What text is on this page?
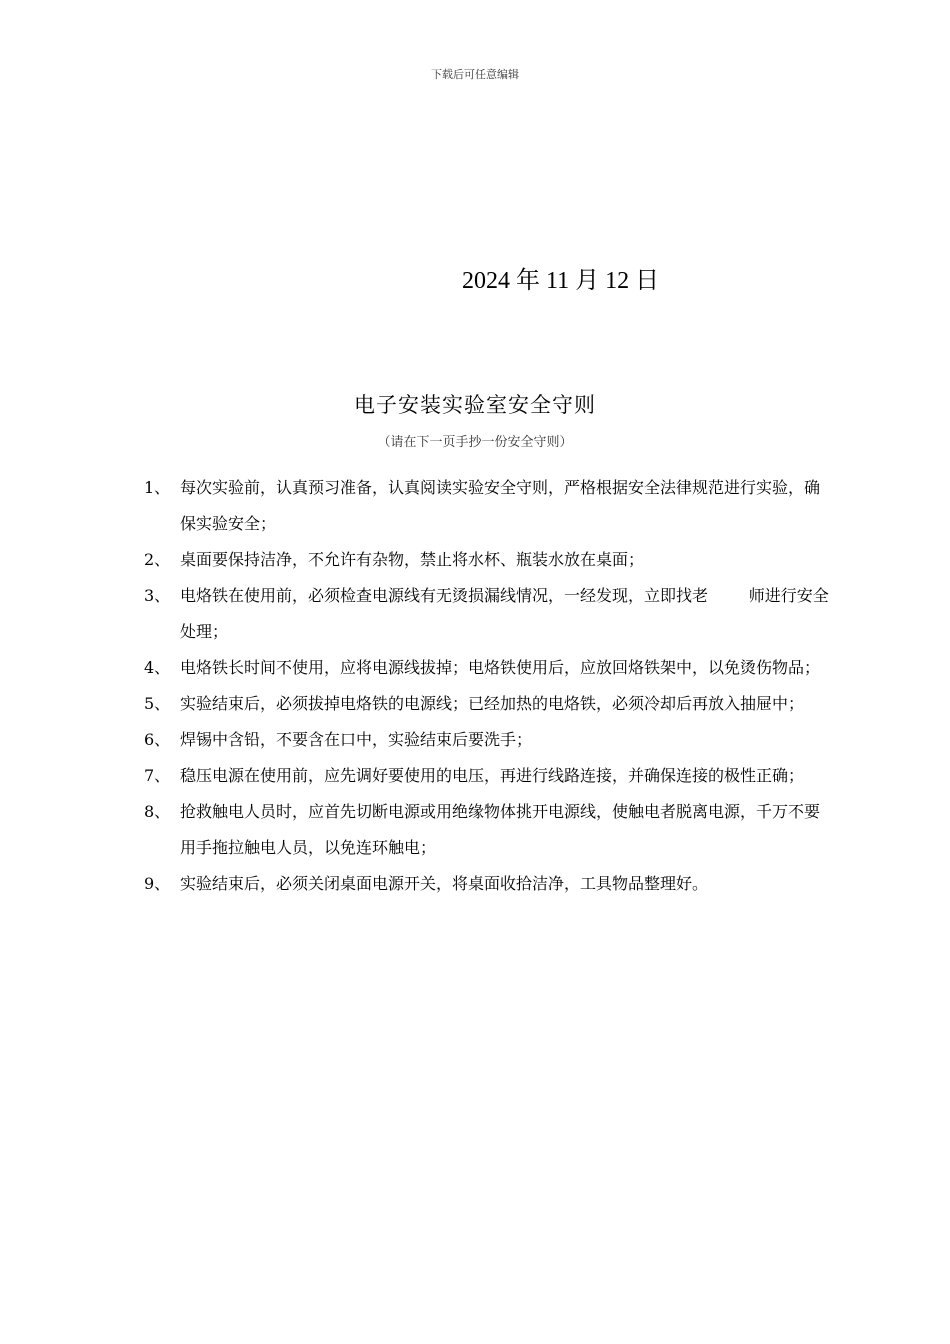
下载后可任意编辑
2024 年 11 月 12 日
电子安装实验室安全守则
（请在下一页手抄一份安全守则）
1、 每次实验前，认真预习准备，认真阅读实验安全守则，严格根据安全法律规范进行实验，确保实验安全；
2、 桌面要保持洁净，不允许有杂物，禁止将水杯、瓶装水放在桌面；
3、 电烙铁在使用前，必须检查电源线有无烫损漏线情况，一经发现，立即找老        师进行安全处理；
4、 电烙铁长时间不使用，应将电源线拔掉；电烙铁使用后，应放回烙铁架中，以免烫伤物品；
5、 实验结束后，必须拔掉电烙铁的电源线；已经加热的电烙铁，必须冷却后再放入抽屉中；
6、 焊锡中含铅，不要含在口中，实验结束后要洗手；
7、 稳压电源在使用前，应先调好要使用的电压，再进行线路连接，并确保连接的极性正确；
8、 抢救触电人员时，应首先切断电源或用绝缘物体挑开电源线，使触电者脱离电源，千万不要用手拖拉触电人员，以免连环触电；
9、 实验结束后，必须关闭桌面电源开关，将桌面收拾洁净，工具物品整理好。
